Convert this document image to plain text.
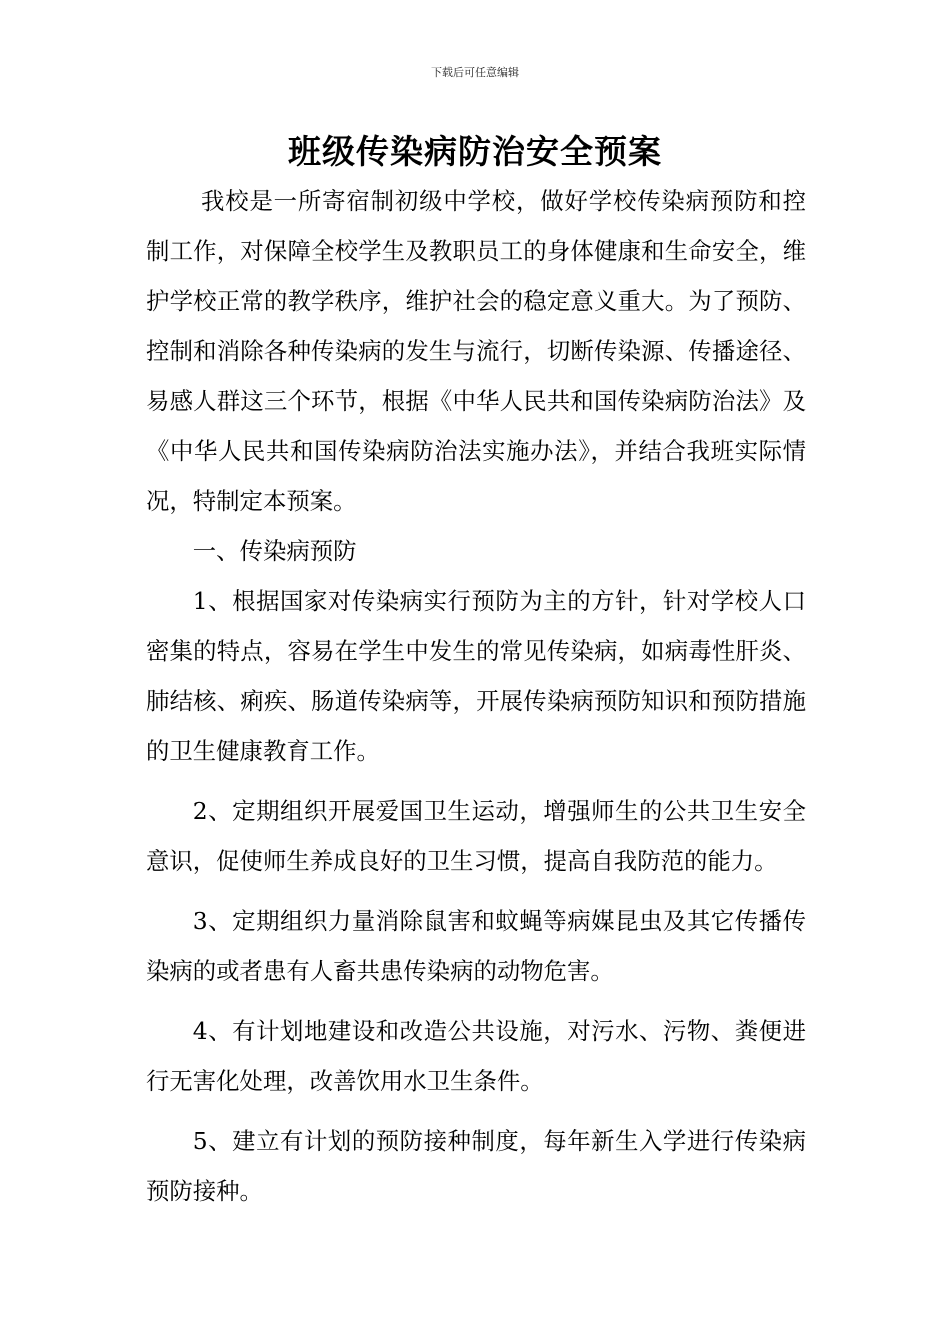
下载后可任意编辑
班级传染病防治安全预案

我校是一所寄宿制初级中学校，做好学校传染病预防和控制工作，对保障全校学生及教职员工的身体健康和生命安全，维护学校正常的教学秩序，维护社会的稳定意义重大。为了预防、控制和消除各种传染病的发生与流行，切断传染源、传播途径、易感人群这三个环节，根据《中华人民共和国传染病防治法》及《中华人民共和国传染病防治法实施办法》，并结合我班实际情况，特制定本预案。

一、传染病预防

1、根据国家对传染病实行预防为主的方针，针对学校人口密集的特点，容易在学生中发生的常见传染病，如病毒性肝炎、肺结核、痢疾、肠道传染病等，开展传染病预防知识和预防措施的卫生健康教育工作。

2、定期组织开展爱国卫生运动，增强师生的公共卫生安全意识，促使师生养成良好的卫生习惯，提高自我防范的能力。

3、定期组织力量消除鼠害和蚊蝇等病媒昆虫及其它传播传染病的或者患有人畜共患传染病的动物危害。

4、有计划地建设和改造公共设施，对污水、污物、粪便进行无害化处理，改善饮用水卫生条件。

5、建立有计划的预防接种制度，每年新生入学进行传染病预防接种。
